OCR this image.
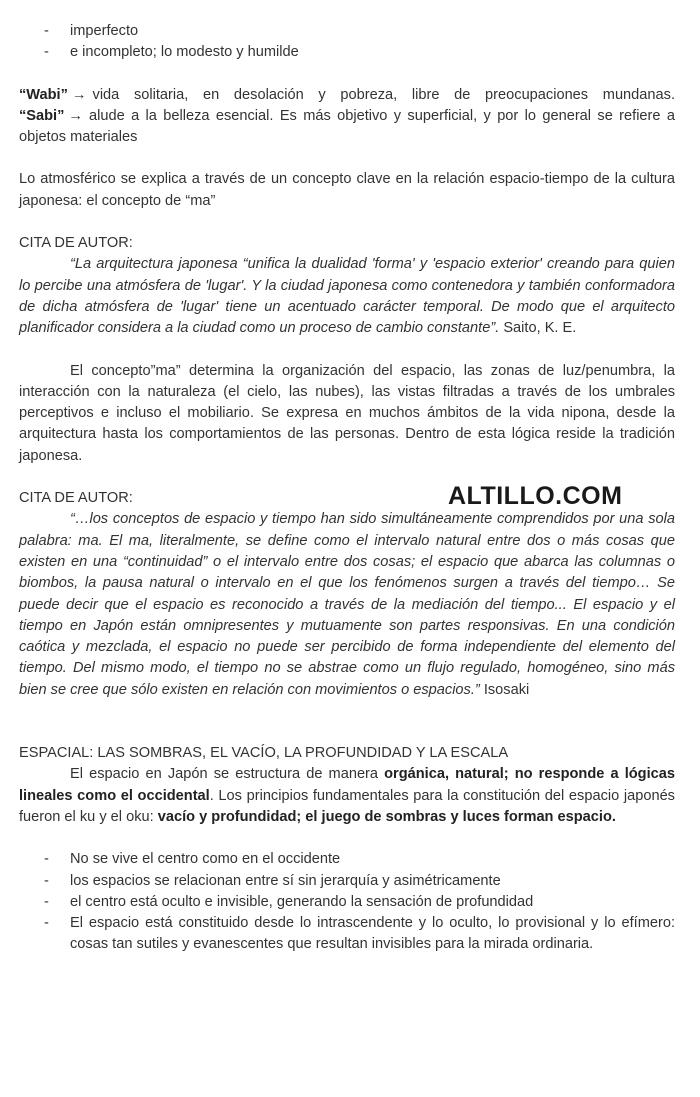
- imperfecto
- e incompleto; lo modesto y humilde

“Wabi” → vida solitaria, en desolación y pobreza, libre de preocupaciones mundanas. “Sabi” → alude a la belleza esencial. Es más objetivo y superficial, y por lo general se refiere a objetos materiales

Lo atmosférico se explica a través de un concepto clave en la relación espacio-tiempo de la cultura japonesa: el concepto de “ma”

CITA DE AUTOR:

“La arquitectura japonesa “unifica la dualidad 'forma' y 'espacio exterior' creando para quien lo percibe una atmósfera de 'lugar'. Y la ciudad japonesa como contenedora y también conformadora de dicha atmósfera de 'lugar' tiene un acentuado carácter temporal. De modo que el arquitecto planificador considera a la ciudad como un proceso de cambio constante”. Saito, K. E.

El concepto”ma” determina la organización del espacio, las zonas de luz/penumbra, la interacción con la naturaleza (el cielo, las nubes), las vistas filtradas a través de los umbrales perceptivos e incluso el mobiliario. Se expresa en muchos ámbitos de la vida nipona, desde la arquitectura hasta los comportamientos de las personas. Dentro de esta lógica reside la tradición japonesa.

CITA DE AUTOR:

“…los conceptos de espacio y tiempo han sido simultáneamente comprendidos por una sola palabra: ma. El ma, literalmente, se define como el intervalo natural entre dos o más cosas que existen en una “continuidad” o el intervalo entre dos cosas; el espacio que abarca las columnas o biombos, la pausa natural o intervalo en el que los fenómenos surgen a través del tiempo… Se puede decir que el espacio es reconocido a través de la mediación del tiempo... El espacio y el tiempo en Japón están omnipresentes y mutuamente son partes responsivas. En una condición caótica y mezclada, el espacio no puede ser percibido de forma independiente del elemento del tiempo. Del mismo modo, el tiempo no se abstrae como un flujo regulado, homogéneo, sino más bien se cree que sólo existen en relación con movimientos o espacios.” Isosaki

ESPACIAL: LAS SOMBRAS, EL VACÍO, LA PROFUNDIDAD Y LA ESCALA

El espacio en Japón se estructura de manera orgánica, natural; no responde a lógicas lineales como el occidental. Los principios fundamentales para la constitución del espacio japonés fueron el ku y el oku: vacío y profundidad; el juego de sombras y luces forman espacio.

- No se vive el centro como en el occidente
- los espacios se relacionan entre sí sin jerarquía y asimétricamente
- el centro está oculto e invisible, generando la sensación de profundidad
- El espacio está constituido desde lo intrascendente y lo oculto, lo provisional y lo efímero: cosas tan sutiles y evanescentes que resultan invisibles para la mirada ordinaria.
ALTILLO.COM
